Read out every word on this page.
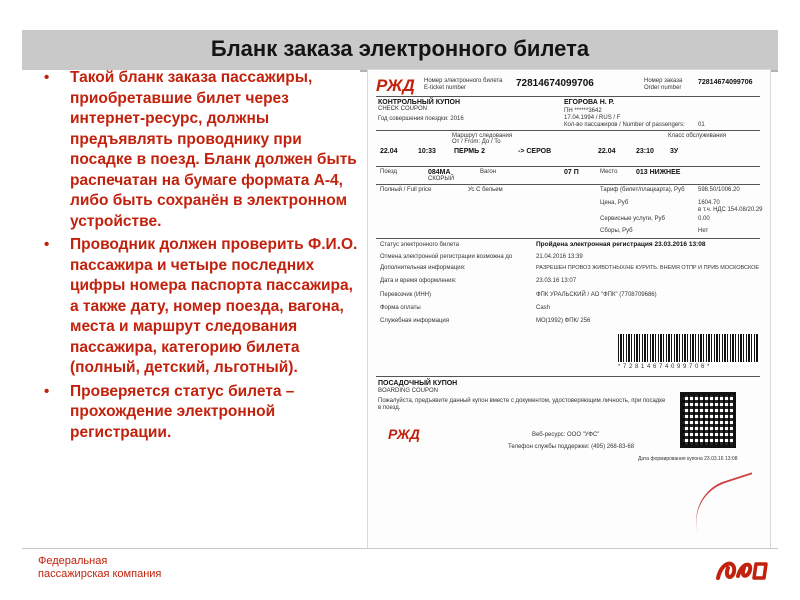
Бланк заказа электронного билета
• Такой бланк заказа пассажиры, приобретавшие билет через интернет-ресурс, должны предъявлять проводнику при посадке в поезд. Бланк должен быть распечатан на бумаге формата А-4, либо быть сохранён в электронном устройстве.
• Проводник должен проверить Ф.И.О. пассажира и четыре последних цифры номера паспорта пассажира, а также дату, номер поезда, вагона, места и маршрут следования пассажира, категорию билета (полный, детский, льготный).
• Проверяется статус билета – прохождение электронной регистрации.
РЖД Номер электронного билета
E-ticket number	72814674099706	Номер заказа
Order number
72814674099706
КОНТРОЛЬНЫЙ КУПОН
CHECK COUPON
Год совершения поездки: 2016
ЕГОРОВА Н. Р.
ПН ******3642
17.04.1994 / RUS / F
Кол-во пассажиров / Number of passengers: 01
Маршрут следования
От / From: До / To
Класс обслуживания
22.04	10:33	ПЕРМЬ 2	-> СЕРОВ	22.04	23:10 3У
Поезд	084МА	Вагон	07 П	Место	013 НИЖНЕЕ
СКОРЫЙ
Полный / Full price	Ус С бельем	Тариф (билет/плацкарта), Руб 598.50/1006.20
Цена, Руб	1604.70
в т.ч. НДС 154.08/20.29
Сервисные услуги, Руб	0.00
Сборы, Руб	Нет
Статус электронного билета	Пройдена электронная регистрация 23.03.2016 13:08
Отмена электронной регистрации возможна до	21.04.2016 13:39
Дополнительная информация:	РАЗРЕШЕН ПРОВОЗ ЖИВОТНЫХ/НЕ КУРИТЬ. ВНЕМЯ ОТПР И ПРИБ МОСКОВСКОЕ
Дата и время оформления:	23.03.16 13:07
Перевозчик (ИНН)	ФПК УРАЛЬСКИЙ / АО "ФПК" (7708709686)
Форма оплаты	Cash
Служебная информация	МО(1992) ФПК/ 256
* 7 2 8 1 4 6 7 4 0 9 9 7 0 6 *
ПОСАДОЧНЫЙ КУПОН
BOARDING COUPON
Пожалуйста, предъявите данный купон вместе с документом, удостоверяющим личность, при посадке в поезд.
РЖД	Веб-ресурс: ООО "УФС"
Телефон службы поддержки: (495) 268-83-68
Дата формирования купона 23.03.16 13:08
Федеральная
пассажирская компания
